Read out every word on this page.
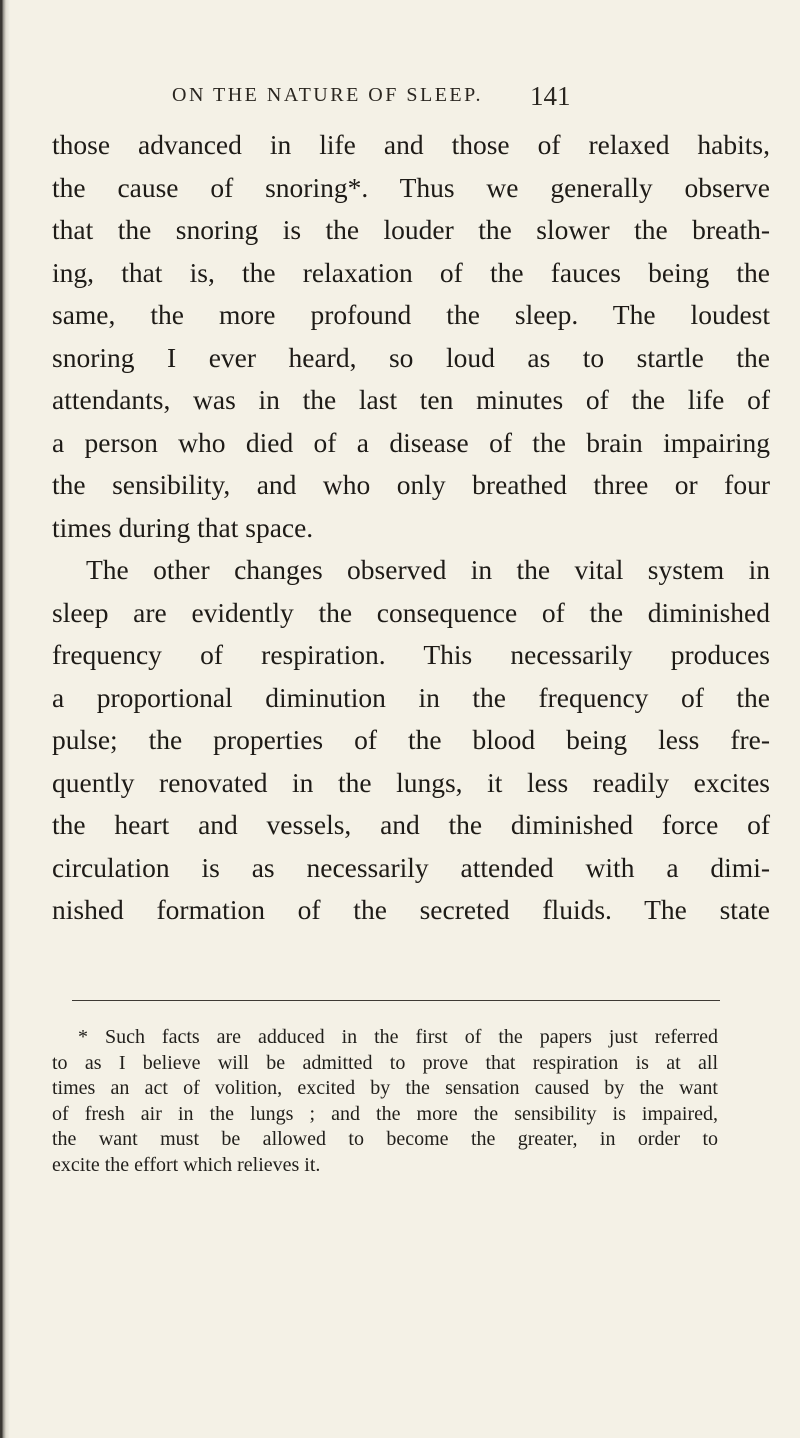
ON THE NATURE OF SLEEP. 141
those advanced in life and those of relaxed habits,
the cause of snoring*. Thus we generally observe
that the snoring is the louder the slower the breath-
ing, that is, the relaxation of the fauces being the
same, the more profound the sleep. The loudest
snoring I ever heard, so loud as to startle the
attendants, was in the last ten minutes of the life of
a person who died of a disease of the brain impairing
the sensibility, and who only breathed three or four
times during that space.
The other changes observed in the vital system in
sleep are evidently the consequence of the diminished
frequency of respiration. This necessarily produces
a proportional diminution in the frequency of the
pulse; the properties of the blood being less fre-
quently renovated in the lungs, it less readily excites
the heart and vessels, and the diminished force of
circulation is as necessarily attended with a dimi-
nished formation of the secreted fluids. The state
* Such facts are adduced in the first of the papers just referred
to as I believe will be admitted to prove that respiration is at all
times an act of volition, excited by the sensation caused by the want
of fresh air in the lungs ; and the more the sensibility is impaired,
the want must be allowed to become the greater, in order to
excite the effort which relieves it.
